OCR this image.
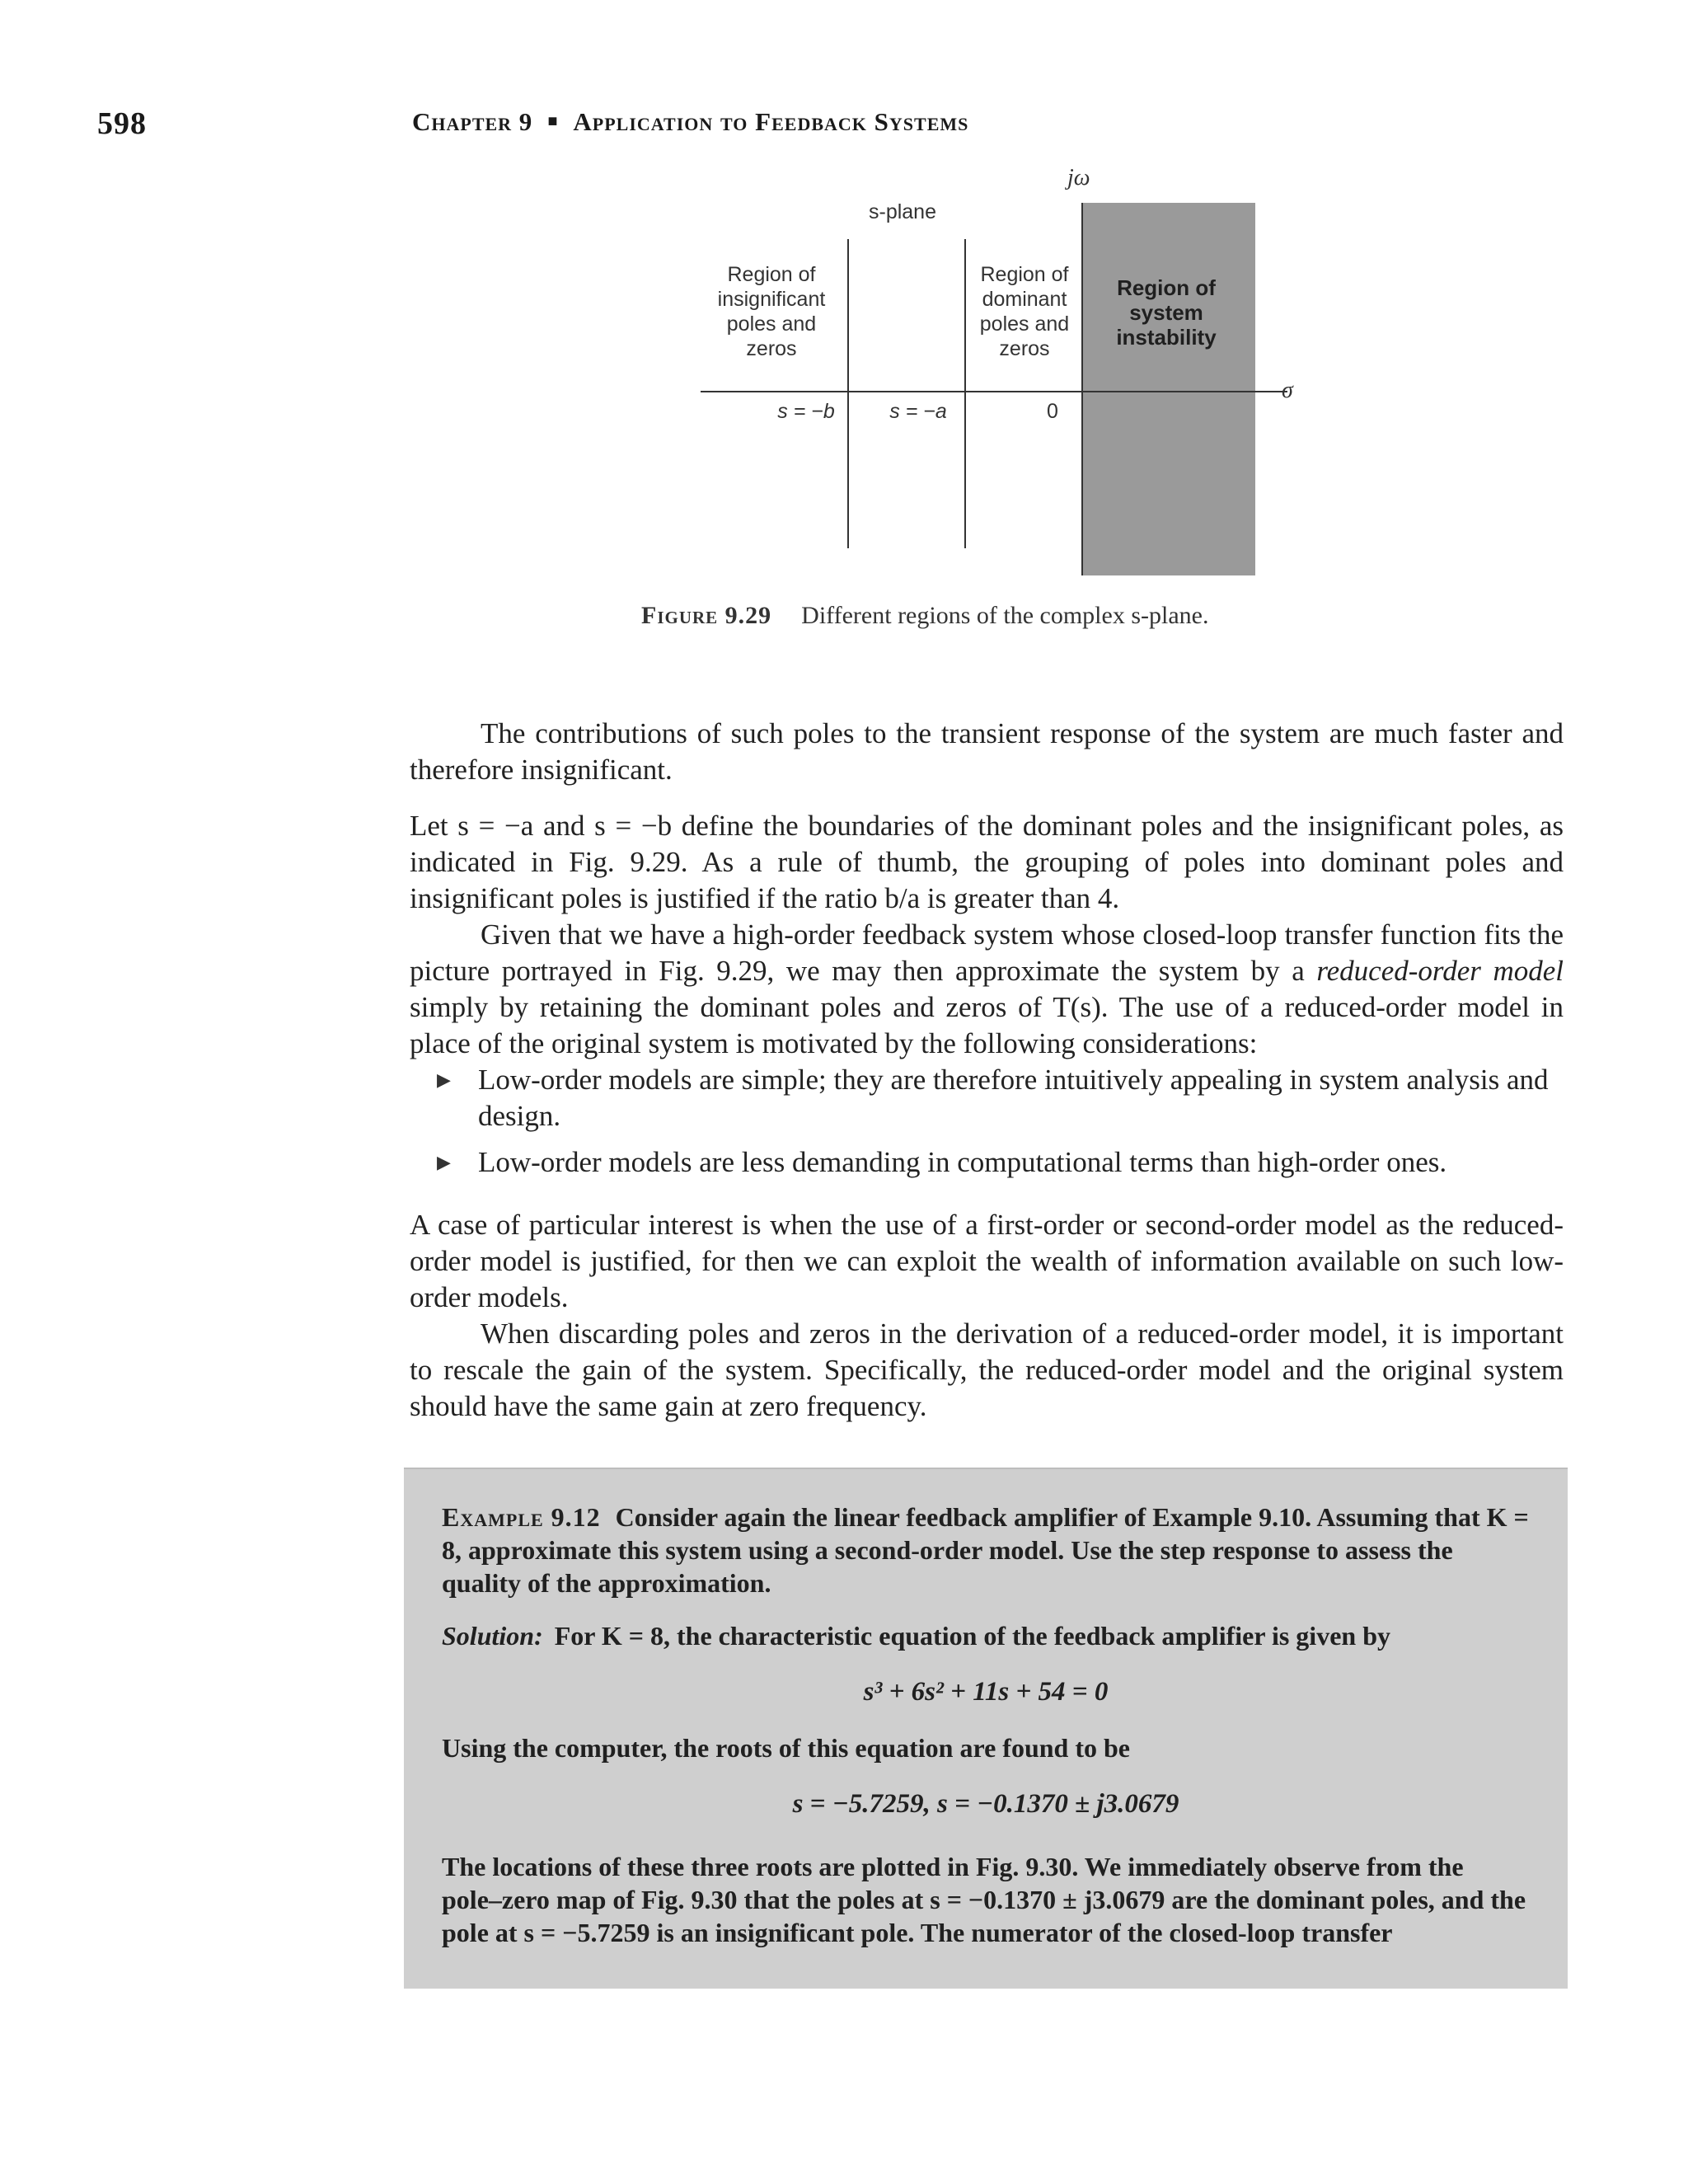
598	Chapter 9 ■ Application to Feedback Systems
s-plane
jω
σ
Region of
insignificant
poles and
zeros
Region of
dominant
poles and
zeros
Region of
system
instability
s = −b	s = −a	0
Figure 9.29 Different regions of the complex s-plane.
The contributions of such poles to the transient response of the system are much faster and therefore insignificant.
Let s = −a and s = −b define the boundaries of the dominant poles and the insignificant poles, as indicated in Fig. 9.29. As a rule of thumb, the grouping of poles into dominant poles and insignificant poles is justified if the ratio b/a is greater than 4.
Given that we have a high-order feedback system whose closed-loop transfer function fits the picture portrayed in Fig. 9.29, we may then approximate the system by a reduced-order model simply by retaining the dominant poles and zeros of T(s). The use of a reduced-order model in place of the original system is motivated by the following considerations:
▶ Low-order models are simple; they are therefore intuitively appealing in system analysis and design.
▶ Low-order models are less demanding in computational terms than high-order ones.
A case of particular interest is when the use of a first-order or second-order model as the reduced-order model is justified, for then we can exploit the wealth of information available on such low-order models.
When discarding poles and zeros in the derivation of a reduced-order model, it is important to rescale the gain of the system. Specifically, the reduced-order model and the original system should have the same gain at zero frequency.
Example 9.12 Consider again the linear feedback amplifier of Example 9.10. Assuming that K = 8, approximate this system using a second-order model. Use the step response to assess the quality of the approximation.
Solution: For K = 8, the characteristic equation of the feedback amplifier is given by
s³ + 6s² + 11s + 54 = 0
Using the computer, the roots of this equation are found to be
s = −5.7259, s = −0.1370 ± j3.0679
The locations of these three roots are plotted in Fig. 9.30. We immediately observe from the pole–zero map of Fig. 9.30 that the poles at s = −0.1370 ± j3.0679 are the dominant poles, and the pole at s = −5.7259 is an insignificant pole. The numerator of the closed-loop transfer
